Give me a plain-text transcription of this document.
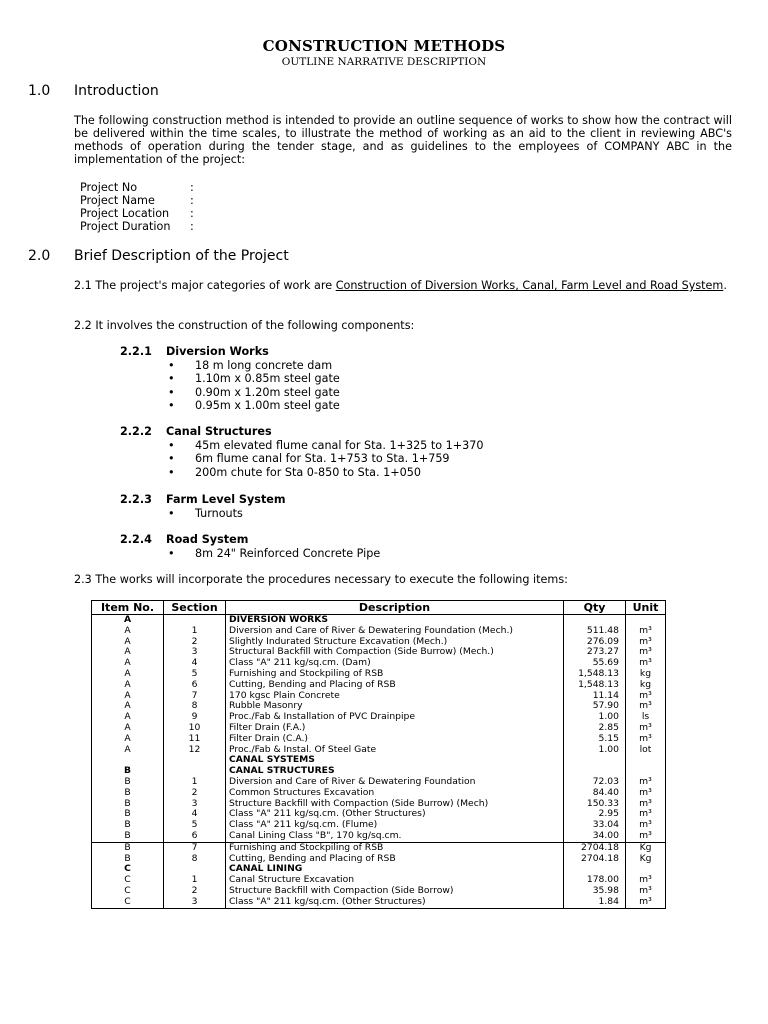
CONSTRUCTION METHODS
OUTLINE NARRATIVE DESCRIPTION
1.0 Introduction
The following construction method is intended to provide an outline sequence of works to show how the contract will be delivered within the time scales, to illustrate the method of working as an aid to the client in reviewing ABC's methods of operation during the tender stage, and as guidelines to the employees of COMPANY ABC in the implementation of the project:
Project No	:
Project Name	:
Project Location	:
Project Duration	:
2.0 Brief Description of the Project
2.1 The project's major categories of work are Construction of Diversion Works, Canal, Farm Level and Road System.
2.2 It involves the construction of the following components:
2.2.1	Diversion Works
•	18 m long concrete dam
•	1.10m x 0.85m steel gate
•	0.90m x 1.20m steel gate
•	0.95m x 1.00m steel gate
2.2.2	Canal Structures
•	45m elevated flume canal for Sta. 1+325 to 1+370
•	6m flume canal for Sta. 1+753 to Sta. 1+759
•	200m chute for Sta 0-850 to Sta. 1+050
2.2.3	Farm Level System
•	Turnouts
2.2.4	Road System
•	8m 24" Reinforced Concrete Pipe
2.3 The works will incorporate the procedures necessary to execute the following items:
Item No.	Section	Description	Qty	Unit
A		DIVERSION WORKS		
A	1	Diversion and Care of River & Dewatering Foundation (Mech.)	511.48	m³
A	2	Slightly Indurated Structure Excavation (Mech.)	276.09	m³
A	3	Structural Backfill with Compaction (Side Burrow) (Mech.)	273.27	m³
A	4	Class "A" 211 kg/sq.cm. (Dam)	55.69	m³
A	5	Furnishing and Stockpiling of RSB	1,548.13	kg
A	6	Cutting, Bending and Placing of RSB	1,548.13	kg
A	7	170 kgsc Plain Concrete	11.14	m³
A	8	Rubble Masonry	57.90	m³
A	9	Proc./Fab & Installation of PVC Drainpipe	1.00	ls
A	10	Filter Drain (F.A.)	2.85	m³
A	11	Filter Drain (C.A.)	5.15	m³
A	12	Proc./Fab & Instal. Of Steel Gate	1.00	lot
		CANAL SYSTEMS		
B		CANAL STRUCTURES		
B	1	Diversion and Care of River & Dewatering Foundation	72.03	m³
B	2	Common Structures Excavation	84.40	m³
B	3	Structure Backfill with Compaction (Side Burrow) (Mech)	150.33	m³
B	4	Class "A" 211 kg/sq.cm. (Other Structures)	2.95	m³
B	5	Class "A" 211 kg/sq.cm. (Flume)	33.04	m³
B	6	Canal Lining Class "B", 170 kg/sq.cm.	34.00	m³
B	7	Furnishing and Stockpiling of RSB	2704.18	Kg
B	8	Cutting, Bending and Placing of RSB	2704.18	Kg
C		CANAL LINING		
C	1	Canal Structure Excavation	178.00	m³
C	2	Structure Backfill with Compaction (Side Borrow)	35.98	m³
C	3	Class "A" 211 kg/sq.cm. (Other Structures)	1.84	m³
